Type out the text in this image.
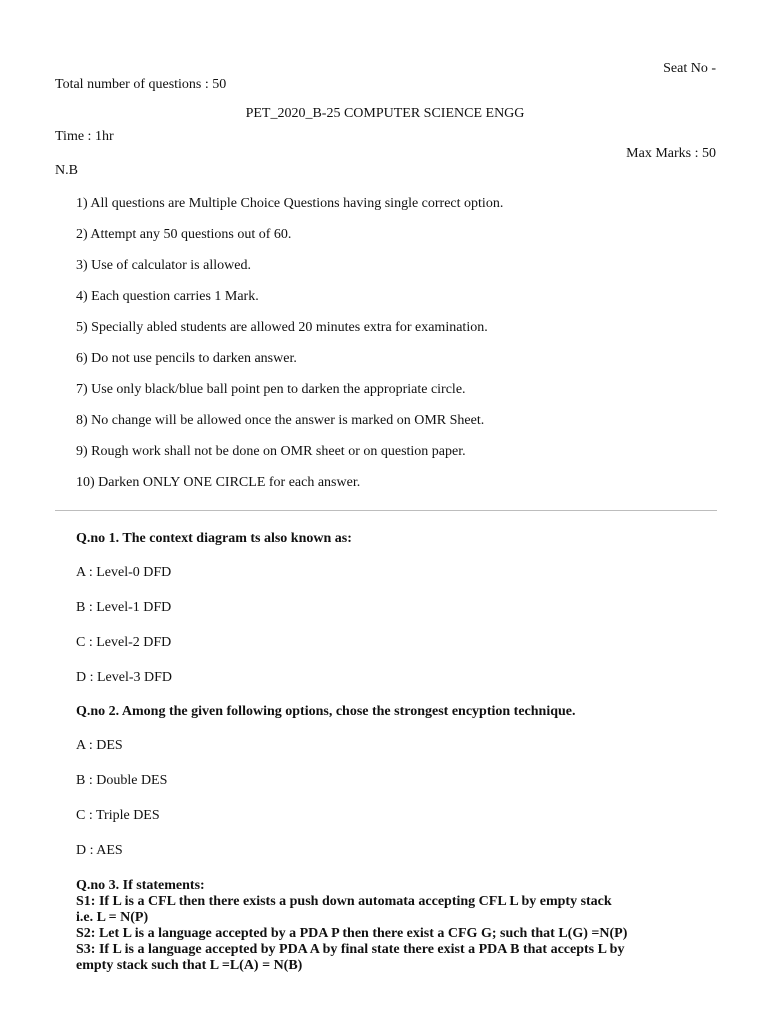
Seat No -
Total number of questions : 50
PET_2020_B-25 COMPUTER SCIENCE ENGG
Time : 1hr
Max Marks : 50
N.B
1) All questions are Multiple Choice Questions having single correct option.
2) Attempt any 50 questions out of 60.
3) Use of calculator is allowed.
4) Each question carries 1 Mark.
5) Specially abled students are allowed 20 minutes extra for examination.
6) Do not use pencils to darken answer.
7) Use only black/blue ball point pen to darken the appropriate circle.
8) No change will be allowed once the answer is marked on OMR Sheet.
9) Rough work shall not be done on OMR sheet or on question paper.
10) Darken ONLY ONE CIRCLE for each answer.

Q.no 1. The context diagram ts also known as:

A : Level-0 DFD
B : Level-1 DFD
C : Level-2 DFD
D : Level-3 DFD

Q.no 2. Among the given following options, chose the strongest encyption technique.

A : DES
B : Double DES
C : Triple DES
D : AES
Q.no 3. If statements:
S1: If L is a CFL then there exists a push down automata accepting CFL L by empty stack
i.e. L = N(P)
S2: Let L is a language accepted by a PDA P then there exist a CFG G; such that L(G) =N(P)
S3: If L is a language accepted by PDA A by final state there exist a PDA B that accepts L by
empty stack such that L =L(A) = N(B)
